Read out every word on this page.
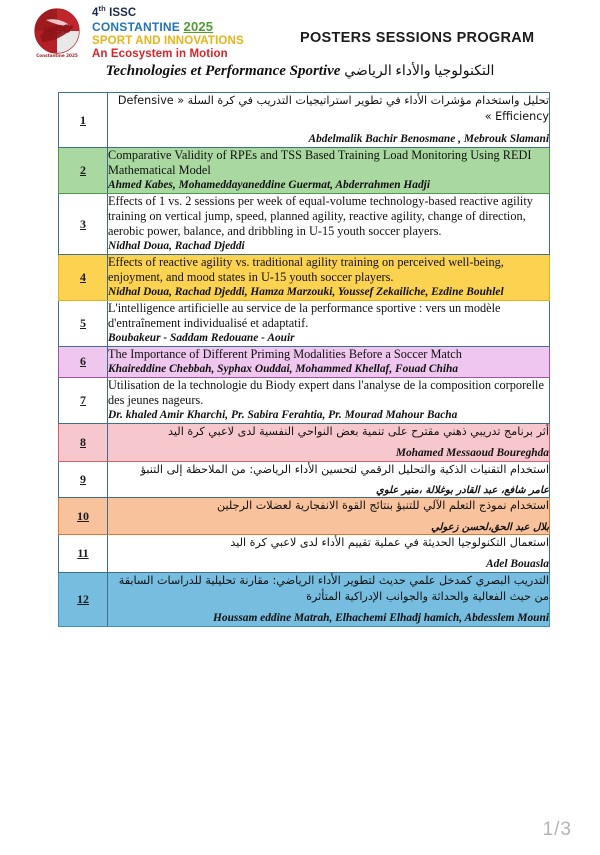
ISSC
Constantine 2025
4th ISSC
CONSTANTINE 2025
SPORT AND INNOVATIONS
An Ecosystem in Motion
POSTERS SESSIONS PROGRAM
التكنولوجيا والأداء الرياضي Technologies et Performance Sportive
1	تحليل واستخدام مؤشرات الأداء في تطوير استراتيجيات التدريب في كرة السلة « Defensive Efficiency »
Abdelmalik Bachir Benosmane , Mebrouk Slamani

2	Comparative Validity of RPEs and TSS Based Training Load Monitoring Using REDI Mathematical Model
Ahmed Kabes, Mohameddayaneddine Guermat, Abderrahmen Hadji

3	Effects of 1 vs. 2 sessions per week of equal-volume technology-based reactive agility training on vertical jump, speed, planned agility, reactive agility, change of direction, aerobic power, balance, and dribbling in U-15 youth soccer players.
Nidhal Doua, Rachad Djeddi

4	Effects of reactive agility vs. traditional agility training on perceived well-being, enjoyment, and mood states in U-15 youth soccer players.
Nidhal Doua, Rachad Djeddi, Hamza Marzouki, Youssef Zekailiche, Ezdine Bouhlel

5	L'intelligence artificielle au service de la performance sportive : vers un modèle d'entraînement individualisé et adaptatif.
Boubakeur - Saddam Redouane - Aouir

6	The Importance of Different Priming Modalities Before a Soccer Match
Khaireddine Chebbah, Syphax Ouddai, Mohammed Khellaf, Fouad Chiha

7	Utilisation de la technologie du Biody expert dans l'analyse de la composition corporelle des jeunes nageurs.
Dr. khaled Amir Kharchi, Pr. Sabira Ferahtia, Pr. Mourad Mahour Bacha

8	أثر برنامج تدريبي ذهني مقترح على تنمية بعض النواحي النفسية لدى لاعبي كرة اليد
Mohamed Messaoud Boureghda

9	استخدام التقنيات الذكية والتحليل الرقمي لتحسين الأداء الرياضي: من الملاحظة إلى التنبؤ
عامر شافع، عبد القادر بوغلالة ،منير علوي

10	استخدام نموذج التعلم الآلي للتنبؤ بنتائج القوة الانفجارية لعضلات الرجلين
بلال عبد الحق،لحسن زعولي

11	استعمال التكنولوجيا الحديثة في عملية تقييم الأداء لدى لاعبي كرة اليد
Adel Bouasla

12	التدريب البصري كمدخل علمي حديث لتطوير الأداء الرياضي: مقارنة تحليلية للدراسات السابقة من حيث الفعالية والحداثة والجوانب الإدراكية المتأثرة
Houssam eddine Matrah, Elhachemi Elhadj hamich, Abdesslem Mouni
1/3
